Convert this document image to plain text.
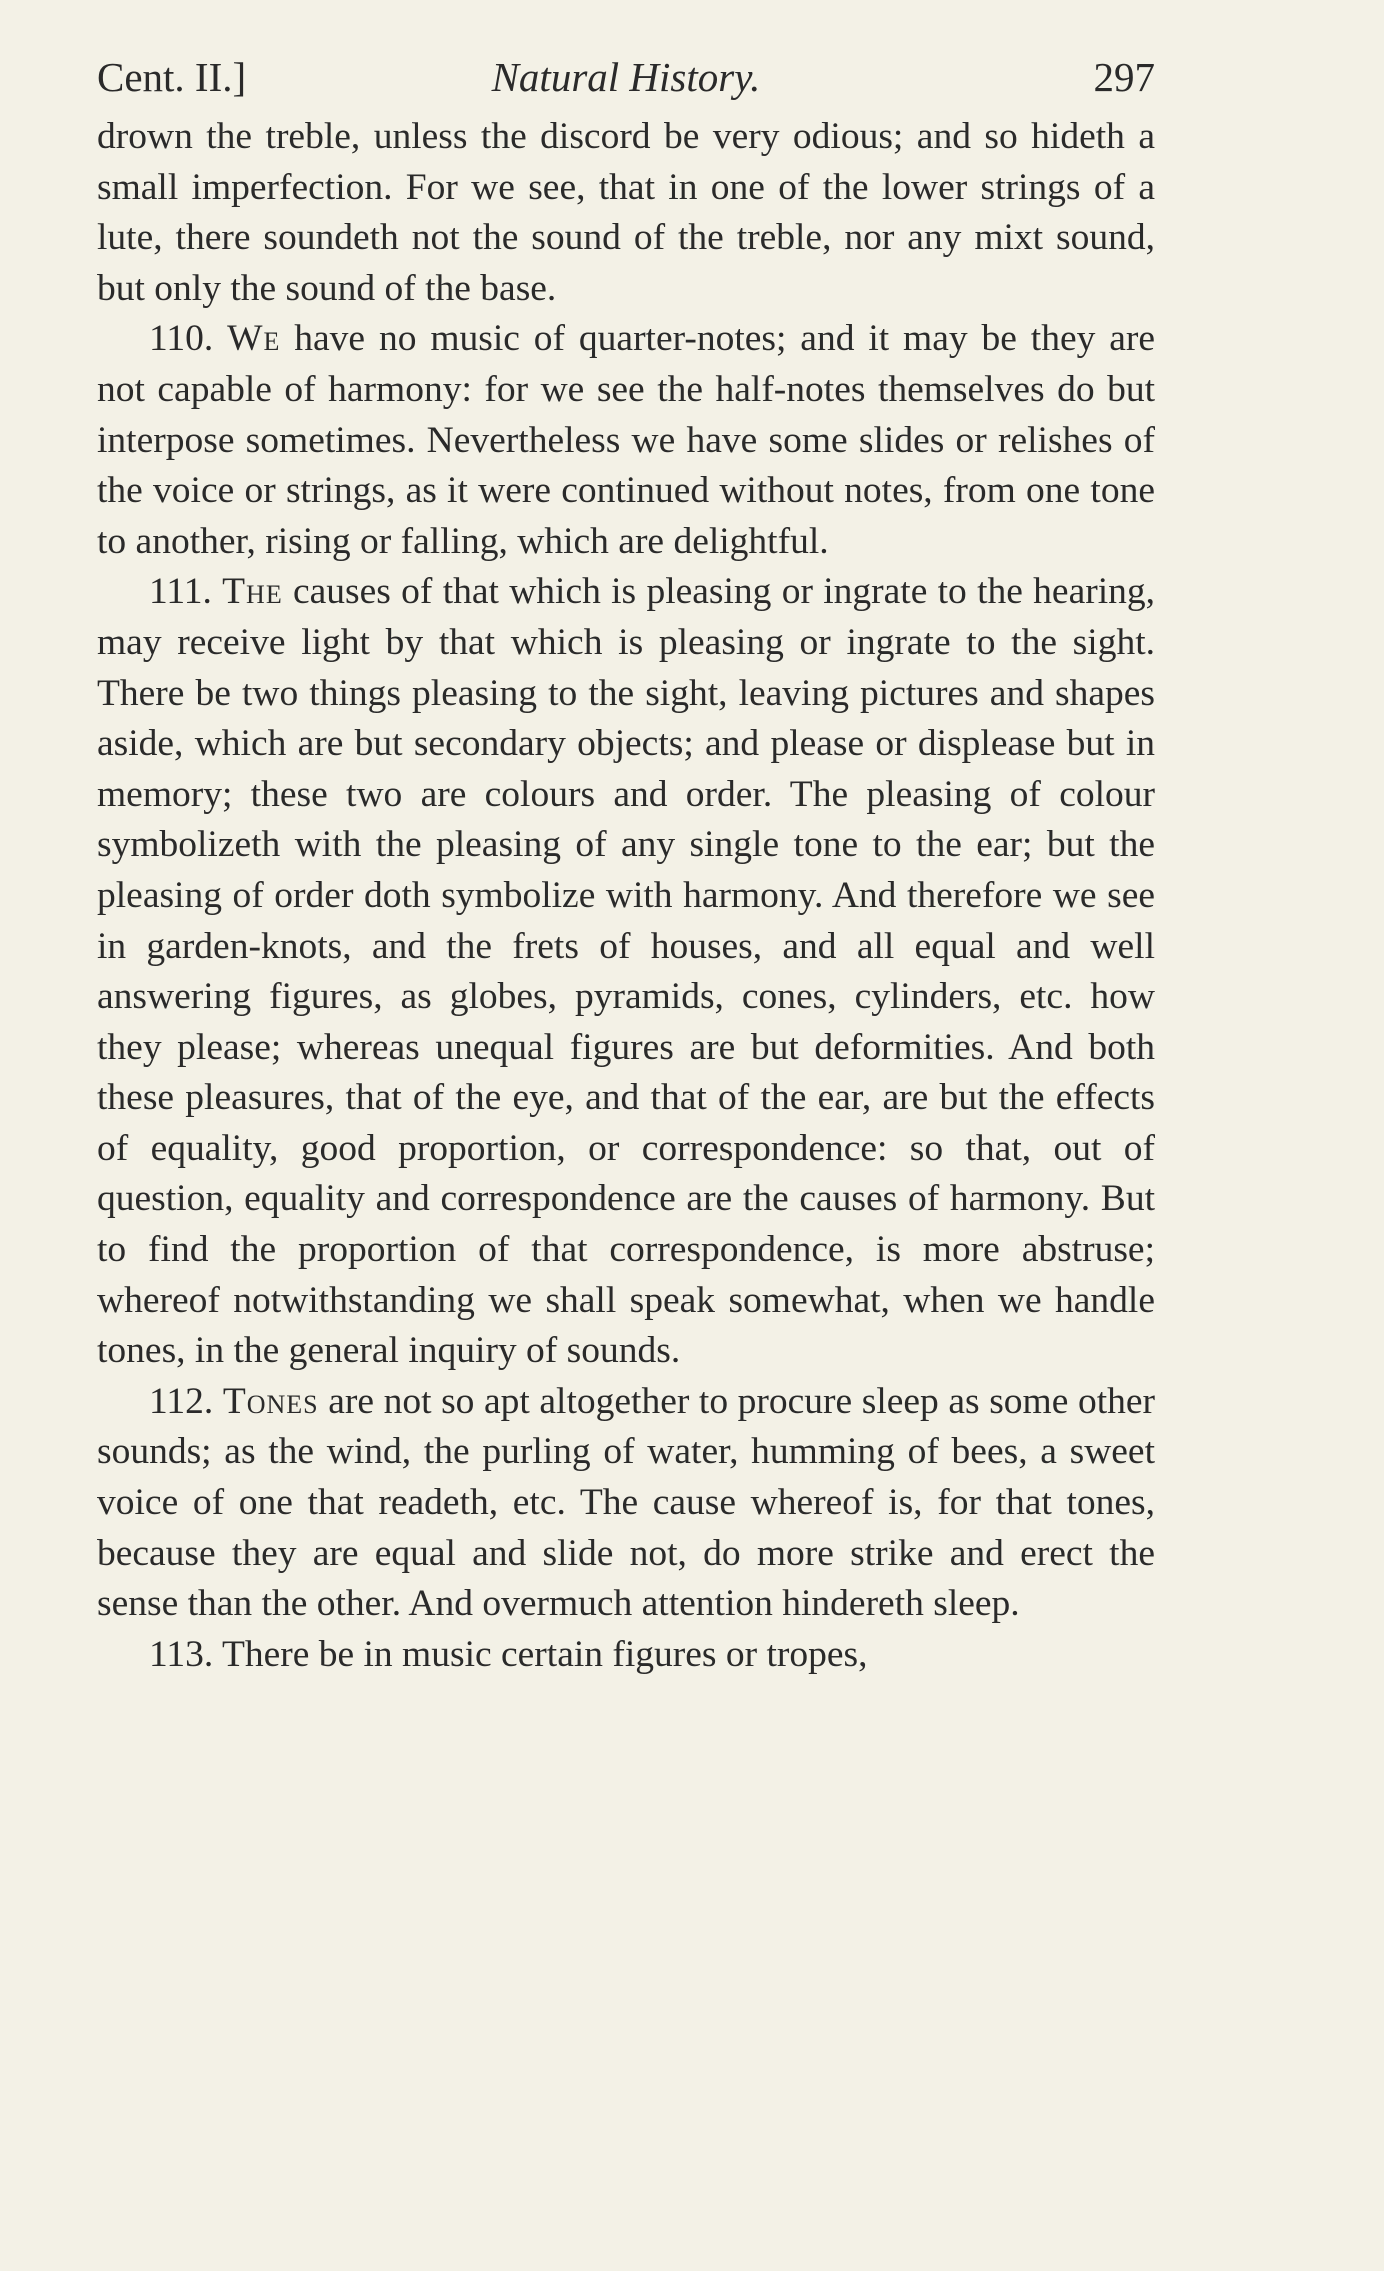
Cent. II.]	Natural History.	297

drown the treble, unless the discord be very odious; and so hideth a small imperfection. For we see, that in one of the lower strings of a lute, there soundeth not the sound of the treble, nor any mixt sound, but only the sound of the base.

110. We have no music of quarter-notes; and it may be they are not capable of harmony: for we see the half-notes themselves do but interpose sometimes. Nevertheless we have some slides or relishes of the voice or strings, as it were continued without notes, from one tone to another, rising or falling, which are delightful.

111. The causes of that which is pleasing or ingrate to the hearing, may receive light by that which is pleasing or ingrate to the sight. There be two things pleasing to the sight, leaving pictures and shapes aside, which are but secondary objects; and please or displease but in memory; these two are colours and order. The pleasing of colour symbolizeth with the pleasing of any single tone to the ear; but the pleasing of order doth symbolize with harmony. And therefore we see in garden-knots, and the frets of houses, and all equal and well answering figures, as globes, pyramids, cones, cylinders, etc. how they please; whereas unequal figures are but deformities. And both these pleasures, that of the eye, and that of the ear, are but the effects of equality, good proportion, or correspondence: so that, out of question, equality and correspondence are the causes of harmony. But to find the proportion of that correspondence, is more abstruse; whereof notwithstanding we shall speak somewhat, when we handle tones, in the general inquiry of sounds.

112. Tones are not so apt altogether to procure sleep as some other sounds; as the wind, the purling of water, humming of bees, a sweet voice of one that readeth, etc. The cause whereof is, for that tones, because they are equal and slide not, do more strike and erect the sense than the other. And overmuch attention hindereth sleep.

113. There be in music certain figures or tropes,
